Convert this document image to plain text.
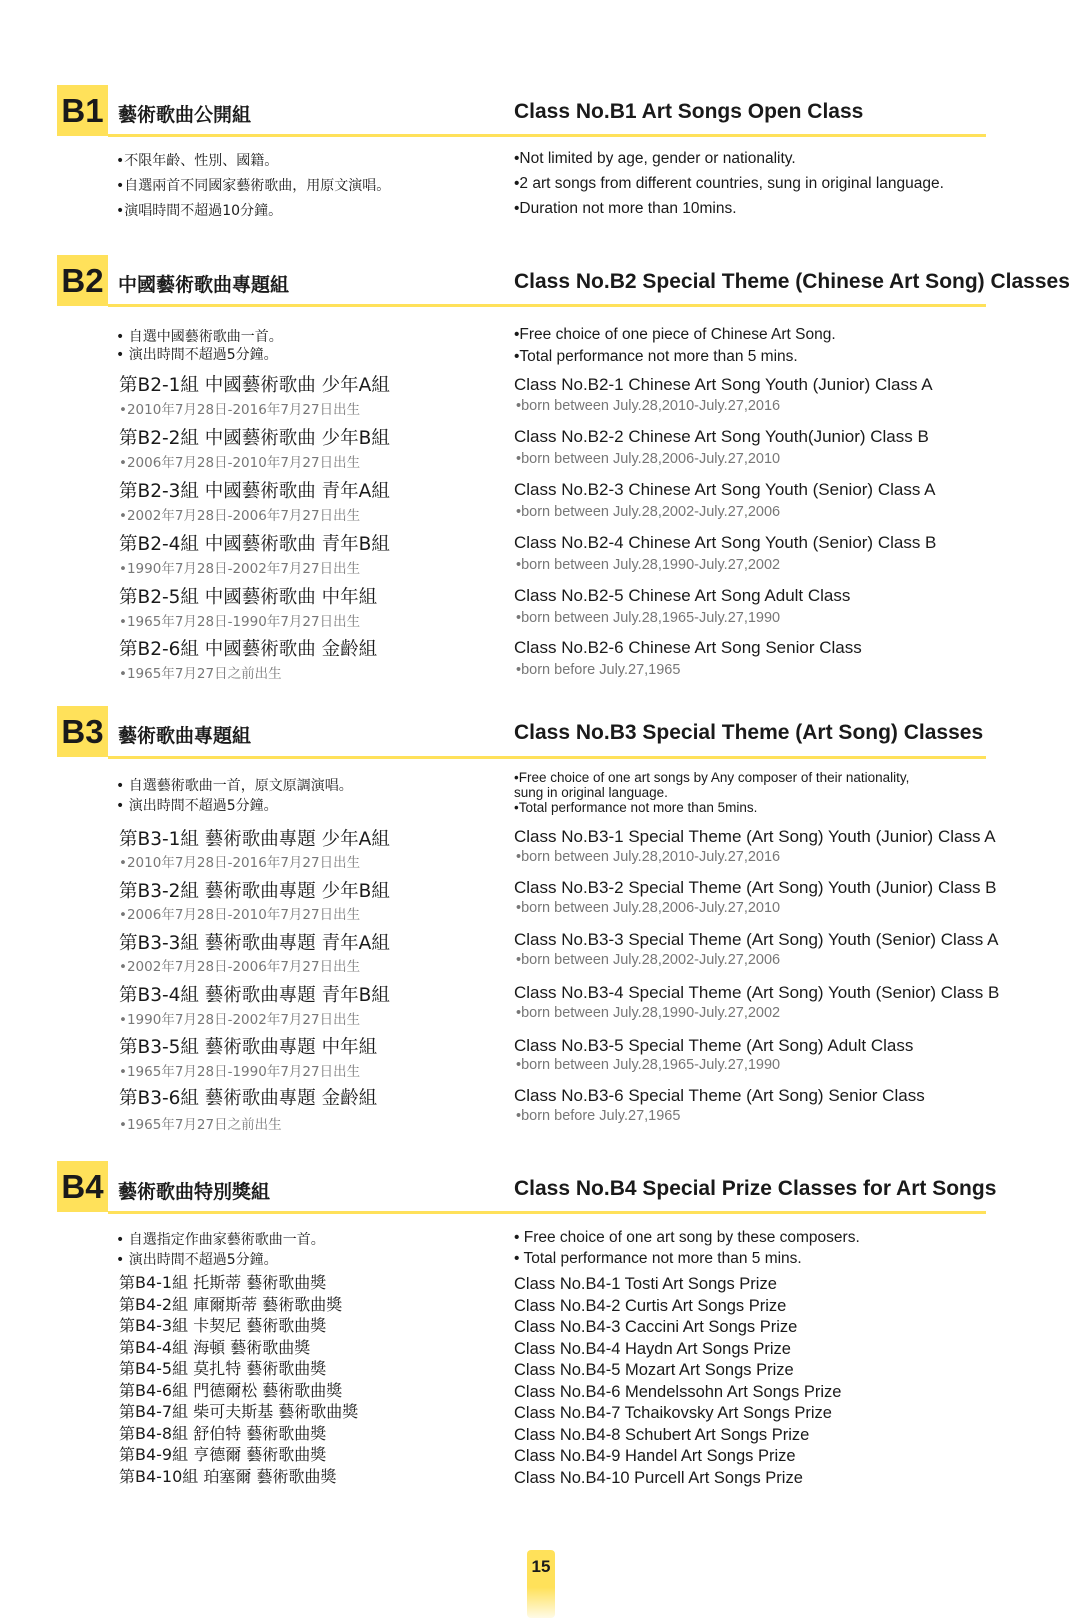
B1 藝術歌曲公開組	Class No.B1 Art Songs Open Class
•不限年齡、性別、國籍。
•自選兩首不同國家藝術歌曲，用原文演唱。
•演唱時間不超過10分鐘。
•Not limited by age, gender or nationality.
•2 art songs from different countries, sung in original language.
•Duration not more than 10mins.
B2 中國藝術歌曲專題組	Class No.B2 Special Theme (Chinese Art Song) Classes
• 自選中國藝術歌曲一首。
• 演出時間不超過5分鐘。
•Free choice of one piece of Chinese Art Song.
•Total performance not more than 5 mins.
第B2-1組 中國藝術歌曲 少年A組
•2010年7月28日-2016年7月27日出生
Class No.B2-1 Chinese Art Song Youth (Junior) Class A
•born between July.28,2010-July.27,2016
第B2-2組 中國藝術歌曲 少年B組
•2006年7月28日-2010年7月27日出生
Class No.B2-2 Chinese Art Song Youth(Junior) Class B
•born between July.28,2006-July.27,2010
第B2-3組 中國藝術歌曲 青年A組
•2002年7月28日-2006年7月27日出生
Class No.B2-3 Chinese Art Song Youth (Senior) Class A
•born between July.28,2002-July.27,2006
第B2-4組 中國藝術歌曲 青年B組
•1990年7月28日-2002年7月27日出生
Class No.B2-4 Chinese Art Song Youth (Senior) Class B
•born between July.28,1990-July.27,2002
第B2-5組 中國藝術歌曲 中年組
•1965年7月28日-1990年7月27日出生
Class No.B2-5 Chinese Art Song Adult Class
•born between July.28,1965-July.27,1990
第B2-6組 中國藝術歌曲 金齡組
•1965年7月27日之前出生
Class No.B2-6 Chinese Art Song Senior Class
•born before July.27,1965
B3 藝術歌曲專題組	Class No.B3 Special Theme (Art Song) Classes
• 自選藝術歌曲一首，原文原調演唱。
• 演出時間不超過5分鐘。
•Free choice of one art songs by Any composer of their nationality,
sung in original language.
•Total performance not more than 5mins.
第B3-1組 藝術歌曲專題 少年A組
•2010年7月28日-2016年7月27日出生
Class No.B3-1 Special Theme (Art Song) Youth (Junior) Class A
•born between July.28,2010-July.27,2016
第B3-2組 藝術歌曲專題 少年B組
•2006年7月28日-2010年7月27日出生
Class No.B3-2 Special Theme (Art Song) Youth (Junior) Class B
•born between July.28,2006-July.27,2010
第B3-3組 藝術歌曲專題 青年A組
•2002年7月28日-2006年7月27日出生
Class No.B3-3 Special Theme (Art Song) Youth (Senior) Class A
•born between July.28,2002-July.27,2006
第B3-4組 藝術歌曲專題 青年B組
•1990年7月28日-2002年7月27日出生
Class No.B3-4 Special Theme (Art Song) Youth (Senior) Class B
•born between July.28,1990-July.27,2002
第B3-5組 藝術歌曲專題 中年組
•1965年7月28日-1990年7月27日出生
Class No.B3-5 Special Theme (Art Song) Adult Class
•born between July.28,1965-July.27,1990
第B3-6組 藝術歌曲專題 金齡組
•1965年7月27日之前出生
Class No.B3-6 Special Theme (Art Song) Senior Class
•born before July.27,1965
B4 藝術歌曲特別獎組	Class No.B4 Special Prize Classes for Art Songs
• 自選指定作曲家藝術歌曲一首。
• 演出時間不超過5分鐘。
• Free choice of one art song by these composers.
• Total performance not more than 5 mins.
第B4-1組 托斯蒂 藝術歌曲獎
第B4-2組 庫爾斯蒂 藝術歌曲獎
第B4-3組 卡契尼 藝術歌曲獎
第B4-4組 海頓 藝術歌曲獎
第B4-5組 莫扎特 藝術歌曲獎
第B4-6組 門德爾松 藝術歌曲獎
第B4-7組 柴可夫斯基 藝術歌曲獎
第B4-8組 舒伯特 藝術歌曲獎
第B4-9組 亨德爾 藝術歌曲獎
第B4-10組 珀塞爾 藝術歌曲獎
Class No.B4-1 Tosti Art Songs Prize
Class No.B4-2 Curtis Art Songs Prize
Class No.B4-3 Caccini Art Songs Prize
Class No.B4-4 Haydn Art Songs Prize
Class No.B4-5 Mozart Art Songs Prize
Class No.B4-6 Mendelssohn Art Songs Prize
Class No.B4-7 Tchaikovsky Art Songs Prize
Class No.B4-8 Schubert Art Songs Prize
Class No.B4-9 Handel Art Songs Prize
Class No.B4-10 Purcell Art Songs Prize
15
